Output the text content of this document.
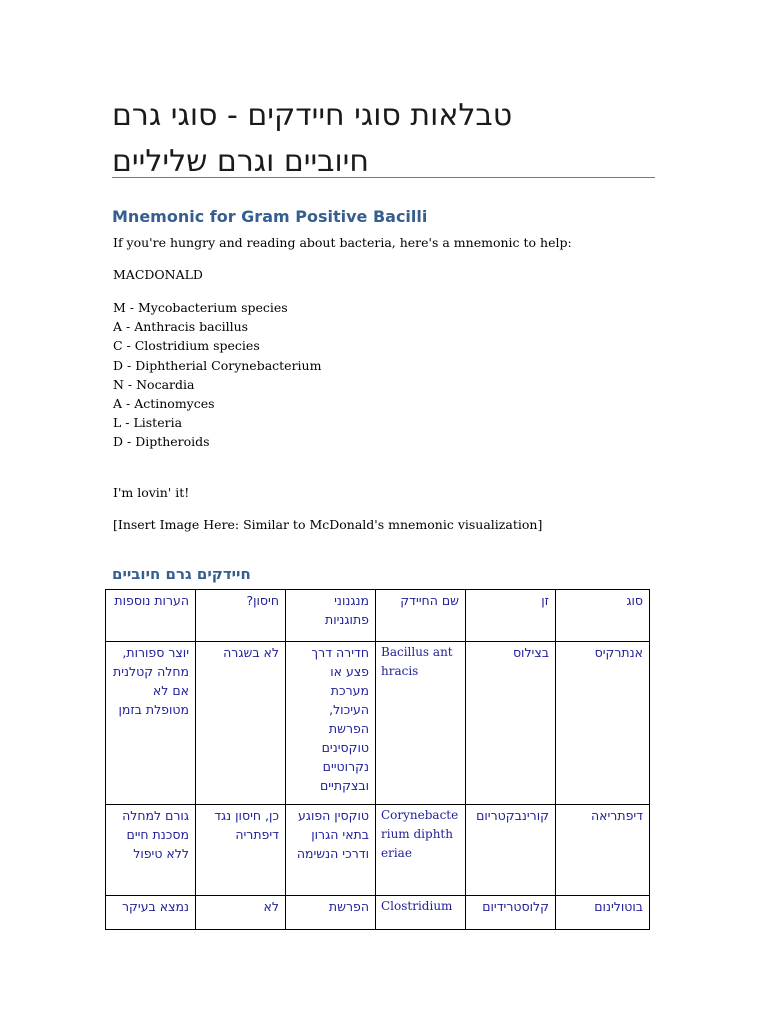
טבלאות סוגי חיידקים - סוגי גרם חיוביים וגרם שליליים
Mnemonic for Gram Positive Bacilli

If you're hungry and reading about bacteria, here's a mnemonic to help:

MACDONALD

M - Mycobacterium species
A - Anthracis bacillus
C - Clostridium species
D - Diphtherial Corynebacterium
N - Nocardia
A - Actinomyces
L - Listeria
D - Diptheroids

I'm lovin' it!

[Insert Image Here: Similar to McDonald's mnemonic visualization]

חיידקים גרם חיוביים
הערות נוספות	חיסון?	מנגנוני פתוגניות	שם החיידק	זן	סוג
יוצר ספורות, מחלה קטלנית אם לא מטופלת בזמן	לא בשגרה	חדירה דרך פצע או מערכת העיכול, הפרשת טוקסינים נקרוטיים ובצקתיים	Bacillus anthracis	בצילוס	אנתרקיס
גורם למחלה מסכנת חיים ללא טיפול	כן, חיסון נגד דיפתריה	טוקסין הפוגע בתאי הגרון ודרכי הנשימה	Corynebacterium diphtheriae	קורינבקטריום	דיפתריאה
נמצא בעיקר	לא	הפרשת	Clostridium	קלוסטרידיום	בוטולינום
